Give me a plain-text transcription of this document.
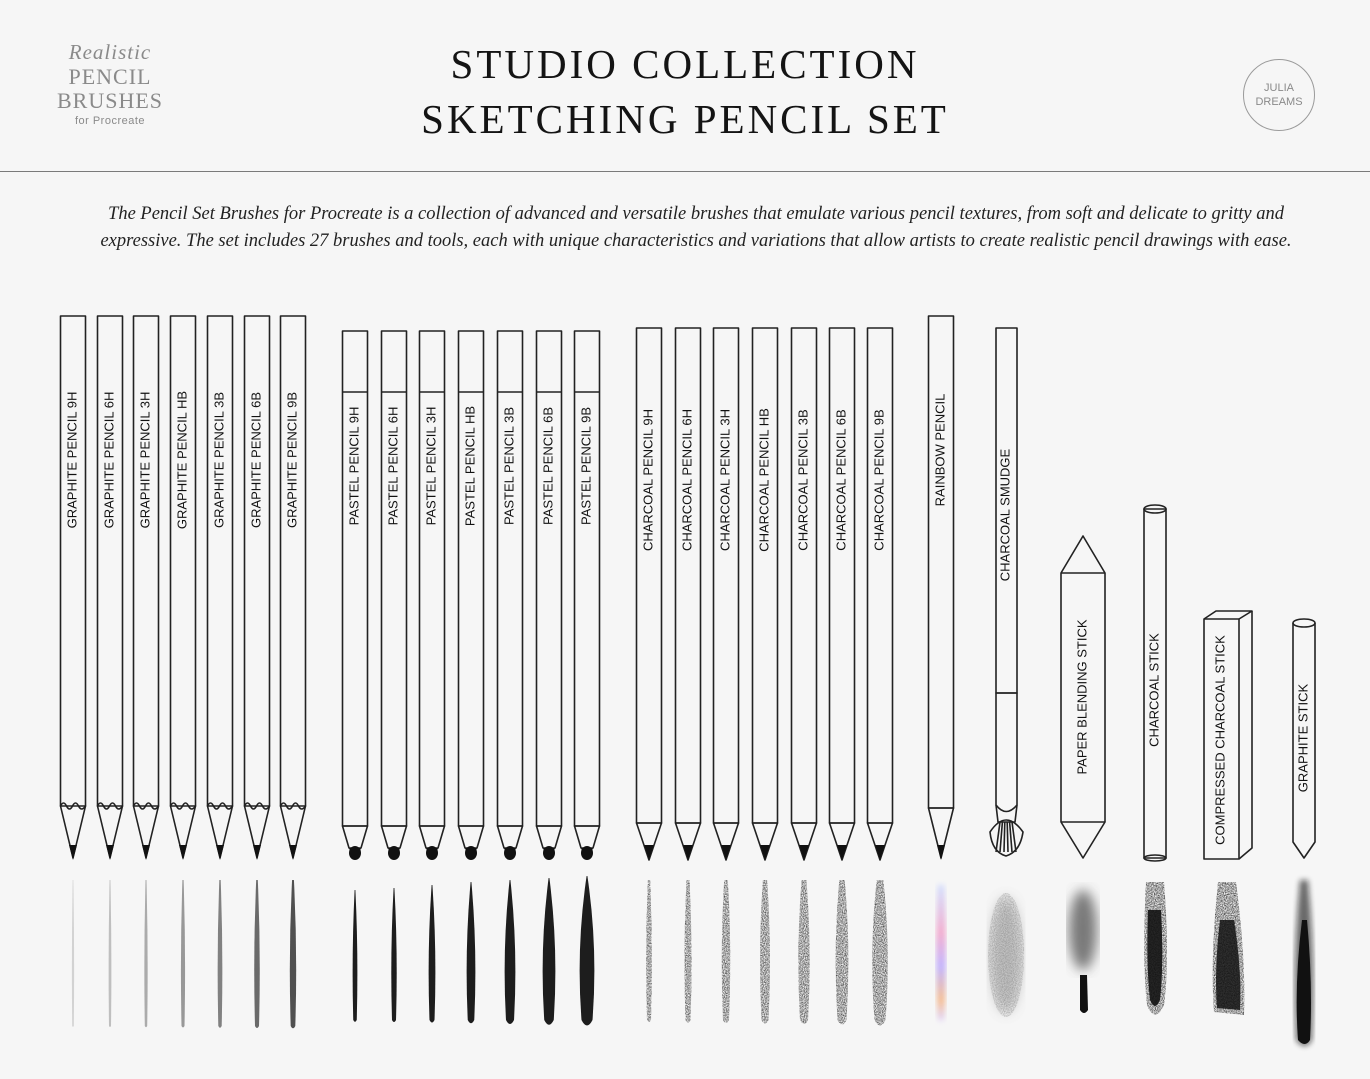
Realistic
PENCIL
BRUSHES
for Procreate
STUDIO COLLECTION
SKETCHING PENCIL SET
JULIA
DREAMS
The Pencil Set Brushes for Procreate is a collection of advanced and versatile brushes that emulate various pencil textures, from soft and delicate to gritty and expressive. The set includes 27 brushes and tools, each with unique characteristics and variations that allow artists to create realistic pencil drawings with ease.
GRAPHITE PENCIL 9H GRAPHITE PENCIL 6H GRAPHITE PENCIL 3H GRAPHITE PENCIL HB GRAPHITE PENCIL 3B GRAPHITE PENCIL 6B GRAPHITE PENCIL 9B	PASTEL PENCIL 9H PASTEL PENCIL 6H PASTEL PENCIL 3H PASTEL PENCIL HB PASTEL PENCIL 3B PASTEL PENCIL 6B PASTEL PENCIL 9B	CHARCOAL PENCIL 9H CHARCOAL PENCIL 6H CHARCOAL PENCIL 3H CHARCOAL PENCIL HB CHARCOAL PENCIL 3B CHARCOAL PENCIL 6B CHARCOAL PENCIL 9B	RAINBOW PENCIL	CHARCOAL SMUDGE
PAPER BLENDING STICK	CHARCOAL STICK	COMPRESSED CHARCOAL STICK	GRAPHITE STICK
